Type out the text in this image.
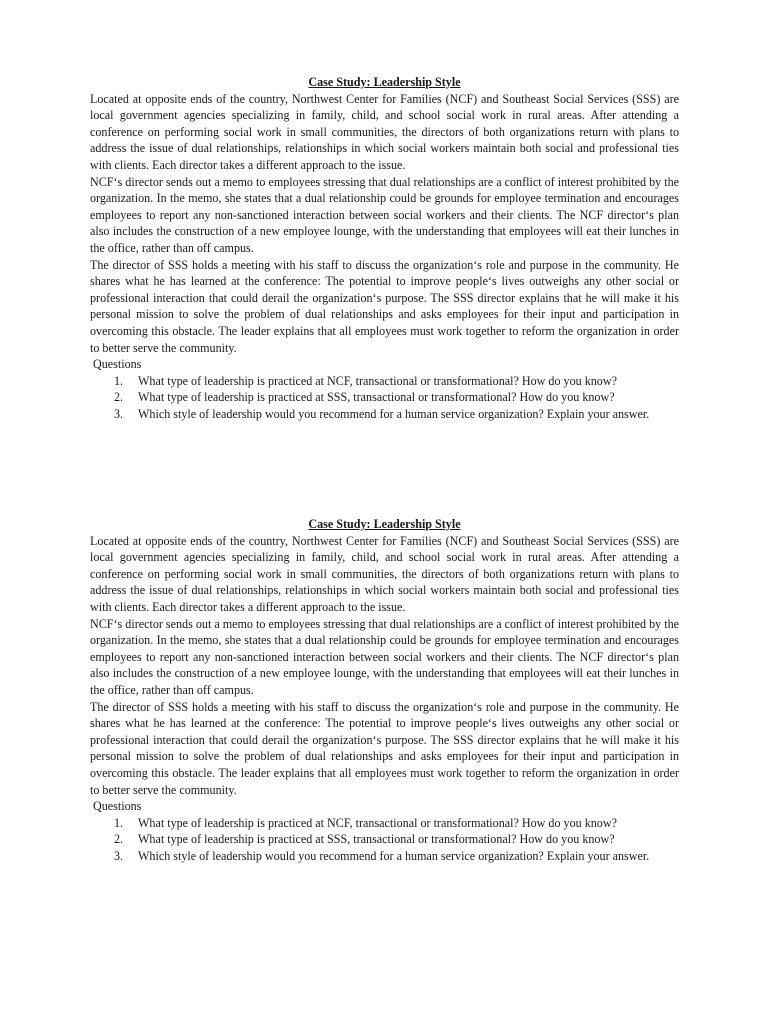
Case Study: Leadership Style

Located at opposite ends of the country, Northwest Center for Families (NCF) and Southeast Social Services (SSS) are local government agencies specializing in family, child, and school social work in rural areas. After attending a conference on performing social work in small communities, the directors of both organizations return with plans to address the issue of dual relationships, relationships in which social workers maintain both social and professional ties with clients. Each director takes a different approach to the issue.

NCF‘s director sends out a memo to employees stressing that dual relationships are a conflict of interest prohibited by the organization. In the memo, she states that a dual relationship could be grounds for employee termination and encourages employees to report any non-sanctioned interaction between social workers and their clients. The NCF director‘s plan also includes the construction of a new employee lounge, with the understanding that employees will eat their lunches in the office, rather than off campus.

The director of SSS holds a meeting with his staff to discuss the organization‘s role and purpose in the community. He shares what he has learned at the conference: The potential to improve people‘s lives outweighs any other social or professional interaction that could derail the organization‘s purpose. The SSS director explains that he will make it his personal mission to solve the problem of dual relationships and asks employees for their input and participation in overcoming this obstacle. The leader explains that all employees must work together to reform the organization in order to better serve the community.

Questions

1. What type of leadership is practiced at NCF, transactional or transformational? How do you know?
2. What type of leadership is practiced at SSS, transactional or transformational? How do you know?
3. Which style of leadership would you recommend for a human service organization? Explain your answer.

Case Study: Leadership Style

Located at opposite ends of the country, Northwest Center for Families (NCF) and Southeast Social Services (SSS) are local government agencies specializing in family, child, and school social work in rural areas. After attending a conference on performing social work in small communities, the directors of both organizations return with plans to address the issue of dual relationships, relationships in which social workers maintain both social and professional ties with clients. Each director takes a different approach to the issue.

NCF‘s director sends out a memo to employees stressing that dual relationships are a conflict of interest prohibited by the organization. In the memo, she states that a dual relationship could be grounds for employee termination and encourages employees to report any non-sanctioned interaction between social workers and their clients. The NCF director‘s plan also includes the construction of a new employee lounge, with the understanding that employees will eat their lunches in the office, rather than off campus.

The director of SSS holds a meeting with his staff to discuss the organization‘s role and purpose in the community. He shares what he has learned at the conference: The potential to improve people‘s lives outweighs any other social or professional interaction that could derail the organization‘s purpose. The SSS director explains that he will make it his personal mission to solve the problem of dual relationships and asks employees for their input and participation in overcoming this obstacle. The leader explains that all employees must work together to reform the organization in order to better serve the community.

Questions

1. What type of leadership is practiced at NCF, transactional or transformational? How do you know?
2. What type of leadership is practiced at SSS, transactional or transformational? How do you know?
3. Which style of leadership would you recommend for a human service organization? Explain your answer.
